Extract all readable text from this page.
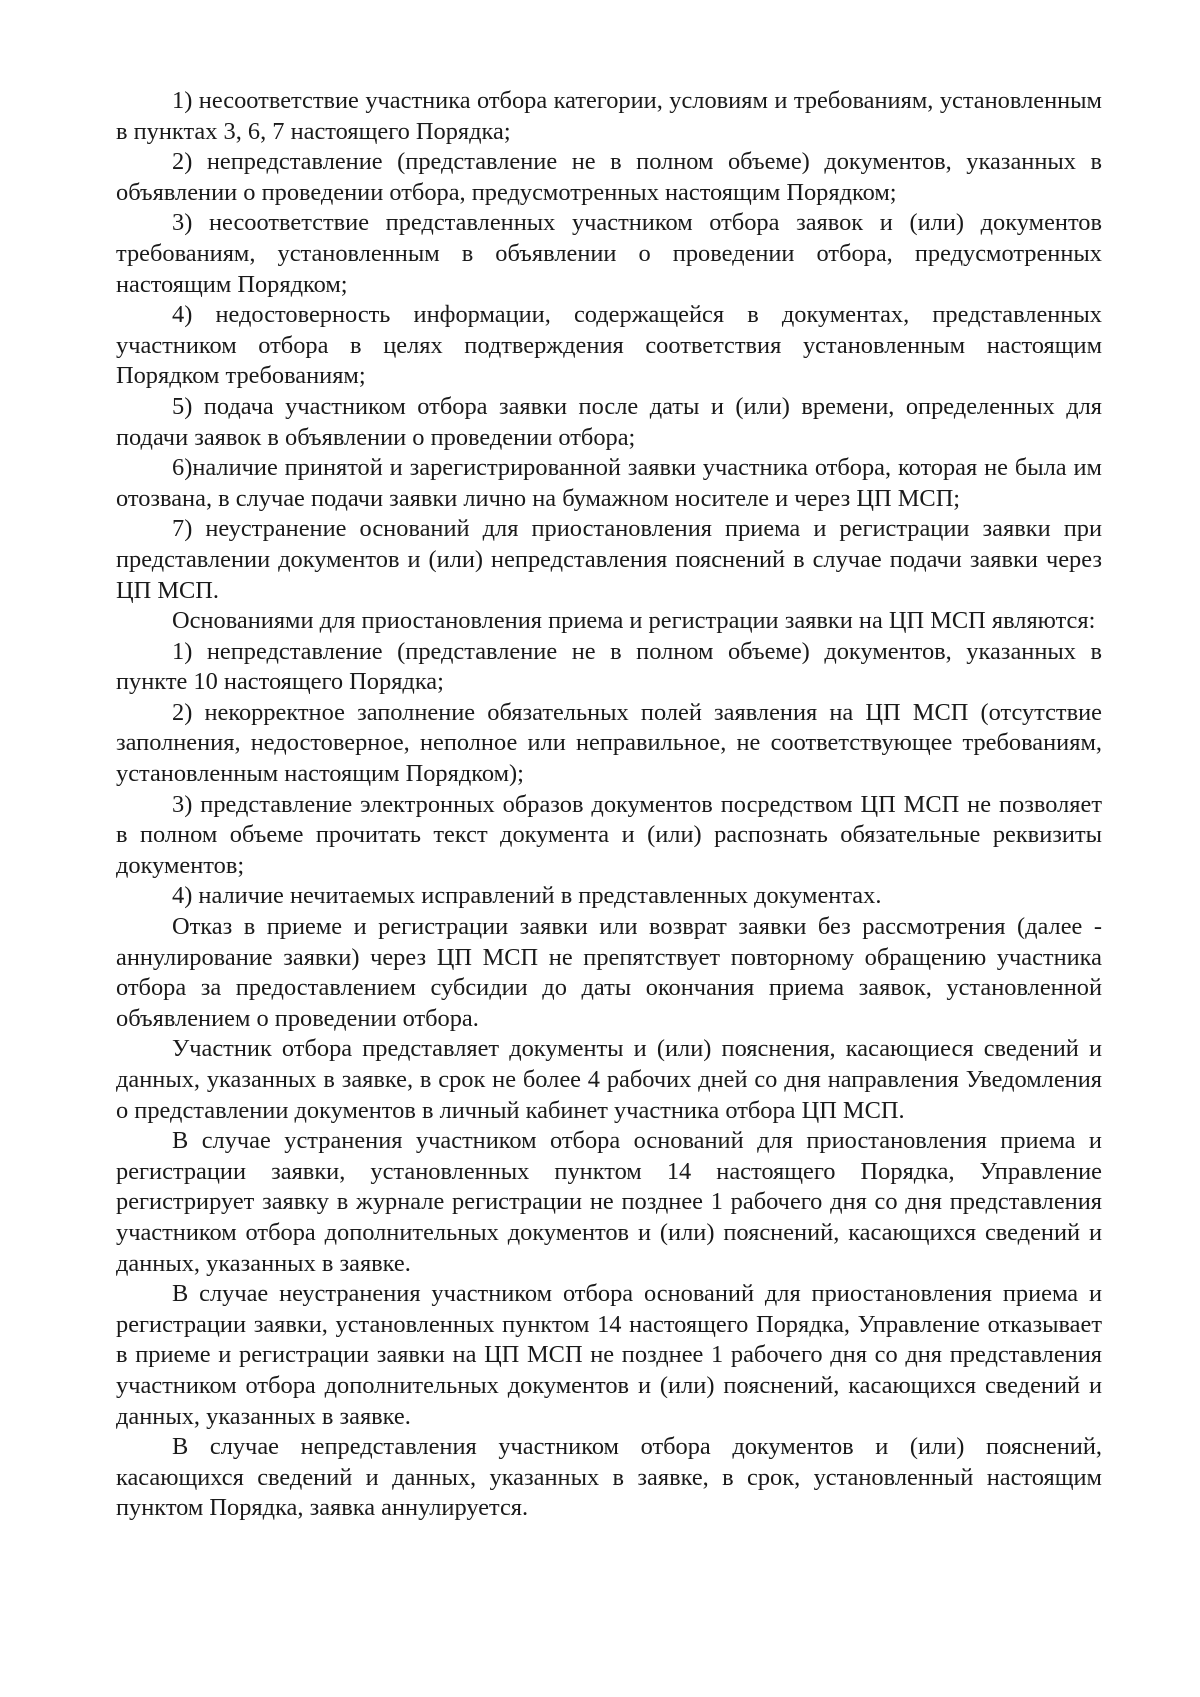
1) несоответствие участника отбора категории, условиям и требованиям, установленным в пунктах 3, 6, 7 настоящего Порядка;

2) непредставление (представление не в полном объеме) документов, указанных в объявлении о проведении отбора, предусмотренных настоящим Порядком;

3) несоответствие представленных участником отбора заявок и (или) документов требованиям, установленным в объявлении о проведении отбора, предусмотренных настоящим Порядком;

4) недостоверность информации, содержащейся в документах, представленных участником отбора в целях подтверждения соответствия установленным настоящим Порядком требованиям;

5) подача участником отбора заявки после даты и (или) времени, определенных для подачи заявок в объявлении о проведении отбора;

6)наличие принятой и зарегистрированной заявки участника отбора, которая не была им отозвана, в случае подачи заявки лично на бумажном носителе и через ЦП МСП;

7) неустранение оснований для приостановления приема и регистрации заявки при представлении документов и (или) непредставления пояснений в случае подачи заявки через ЦП МСП.

Основаниями для приостановления приема и регистрации заявки на ЦП МСП являются:

1) непредставление (представление не в полном объеме) документов, указанных в пункте 10 настоящего Порядка;

2) некорректное заполнение обязательных полей заявления на ЦП МСП (отсутствие заполнения, недостоверное, неполное или неправильное, не соответствующее требованиям, установленным настоящим Порядком);

3) представление электронных образов документов посредством ЦП МСП не позволяет в полном объеме прочитать текст документа и (или) распознать обязательные реквизиты документов;

4) наличие нечитаемых исправлений в представленных документах.

Отказ в приеме и регистрации заявки или возврат заявки без рассмотрения (далее - аннулирование заявки) через ЦП МСП не препятствует повторному обращению участника отбора за предоставлением субсидии до даты окончания приема заявок, установленной объявлением о проведении отбора.

Участник отбора представляет документы и (или) пояснения, касающиеся сведений и данных, указанных в заявке, в срок не более 4 рабочих дней со дня направления Уведомления о представлении документов в личный кабинет участника отбора ЦП МСП.

В случае устранения участником отбора оснований для приостановления приема и регистрации заявки, установленных пунктом 14 настоящего Порядка, Управление регистрирует заявку в журнале регистрации не позднее 1 рабочего дня со дня представления участником отбора дополнительных документов и (или) пояснений, касающихся сведений и данных, указанных в заявке.

В случае неустранения участником отбора оснований для приостановления приема и регистрации заявки, установленных пунктом 14 настоящего Порядка, Управление отказывает в приеме и регистрации заявки на ЦП МСП не позднее 1 рабочего дня со дня представления участником отбора дополнительных документов и (или) пояснений, касающихся сведений и данных, указанных в заявке.

В случае непредставления участником отбора документов и (или) пояснений, касающихся сведений и данных, указанных в заявке, в срок, установленный настоящим пунктом Порядка, заявка аннулируется.
